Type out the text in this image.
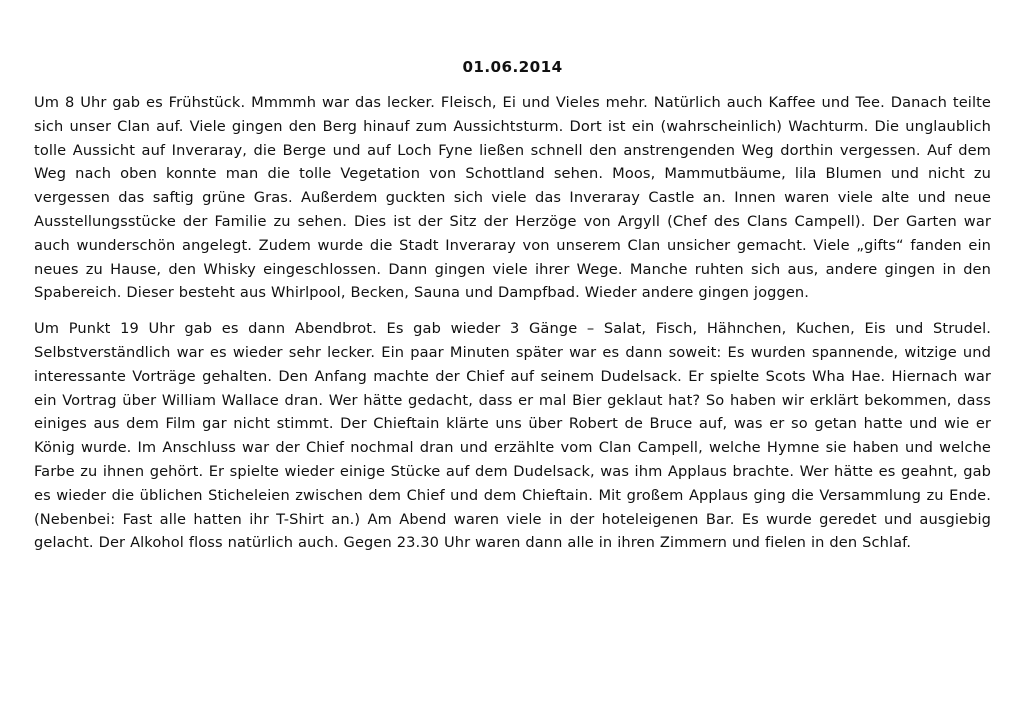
01.06.2014

Um 8 Uhr gab es Frühstück. Mmmmh war das lecker. Fleisch, Ei und Vieles mehr. Natürlich auch Kaffee und Tee. Danach teilte sich unser Clan auf. Viele gingen den Berg hinauf zum Aussichtsturm. Dort ist ein (wahrscheinlich) Wachturm. Die unglaublich tolle Aussicht auf Inveraray, die Berge und auf Loch Fyne ließen schnell den anstrengenden Weg dorthin vergessen. Auf dem Weg nach oben konnte man die tolle Vegetation von Schottland sehen. Moos, Mammutbäume, lila Blumen und nicht zu vergessen das saftig grüne Gras. Außerdem guckten sich viele das Inveraray Castle an. Innen waren viele alte und neue Ausstellungsstücke der Familie zu sehen. Dies ist der Sitz der Herzöge von Argyll (Chef des Clans Campell). Der Garten war auch wunderschön angelegt. Zudem wurde die Stadt Inveraray von unserem Clan unsicher gemacht. Viele „gifts“ fanden ein neues zu Hause, den Whisky eingeschlossen. Dann gingen viele ihrer Wege. Manche ruhten sich aus, andere gingen in den Spabereich. Dieser besteht aus Whirlpool, Becken, Sauna und Dampfbad. Wieder andere gingen joggen.

Um Punkt 19 Uhr gab es dann Abendbrot. Es gab wieder 3 Gänge – Salat, Fisch, Hähnchen, Kuchen, Eis und Strudel. Selbstverständlich war es wieder sehr lecker. Ein paar Minuten später war es dann soweit: Es wurden spannende, witzige und interessante Vorträge gehalten. Den Anfang machte der Chief auf seinem Dudelsack. Er spielte Scots Wha Hae. Hiernach war ein Vortrag über William Wallace dran. Wer hätte gedacht, dass er mal Bier geklaut hat? So haben wir erklärt bekommen, dass einiges aus dem Film gar nicht stimmt. Der Chieftain klärte uns über Robert de Bruce auf, was er so getan hatte und wie er König wurde. Im Anschluss war der Chief nochmal dran und erzählte vom Clan Campell, welche Hymne sie haben und welche Farbe zu ihnen gehört. Er spielte wieder einige Stücke auf dem Dudelsack, was ihm Applaus brachte. Wer hätte es geahnt, gab es wieder die üblichen Sticheleien zwischen dem Chief und dem Chieftain. Mit großem Applaus ging die Versammlung zu Ende. (Nebenbei: Fast alle hatten ihr T-Shirt an.) Am Abend waren viele in der hoteleigenen Bar. Es wurde geredet und ausgiebig gelacht. Der Alkohol floss natürlich auch. Gegen 23.30 Uhr waren dann alle in ihren Zimmern und fielen in den Schlaf.
